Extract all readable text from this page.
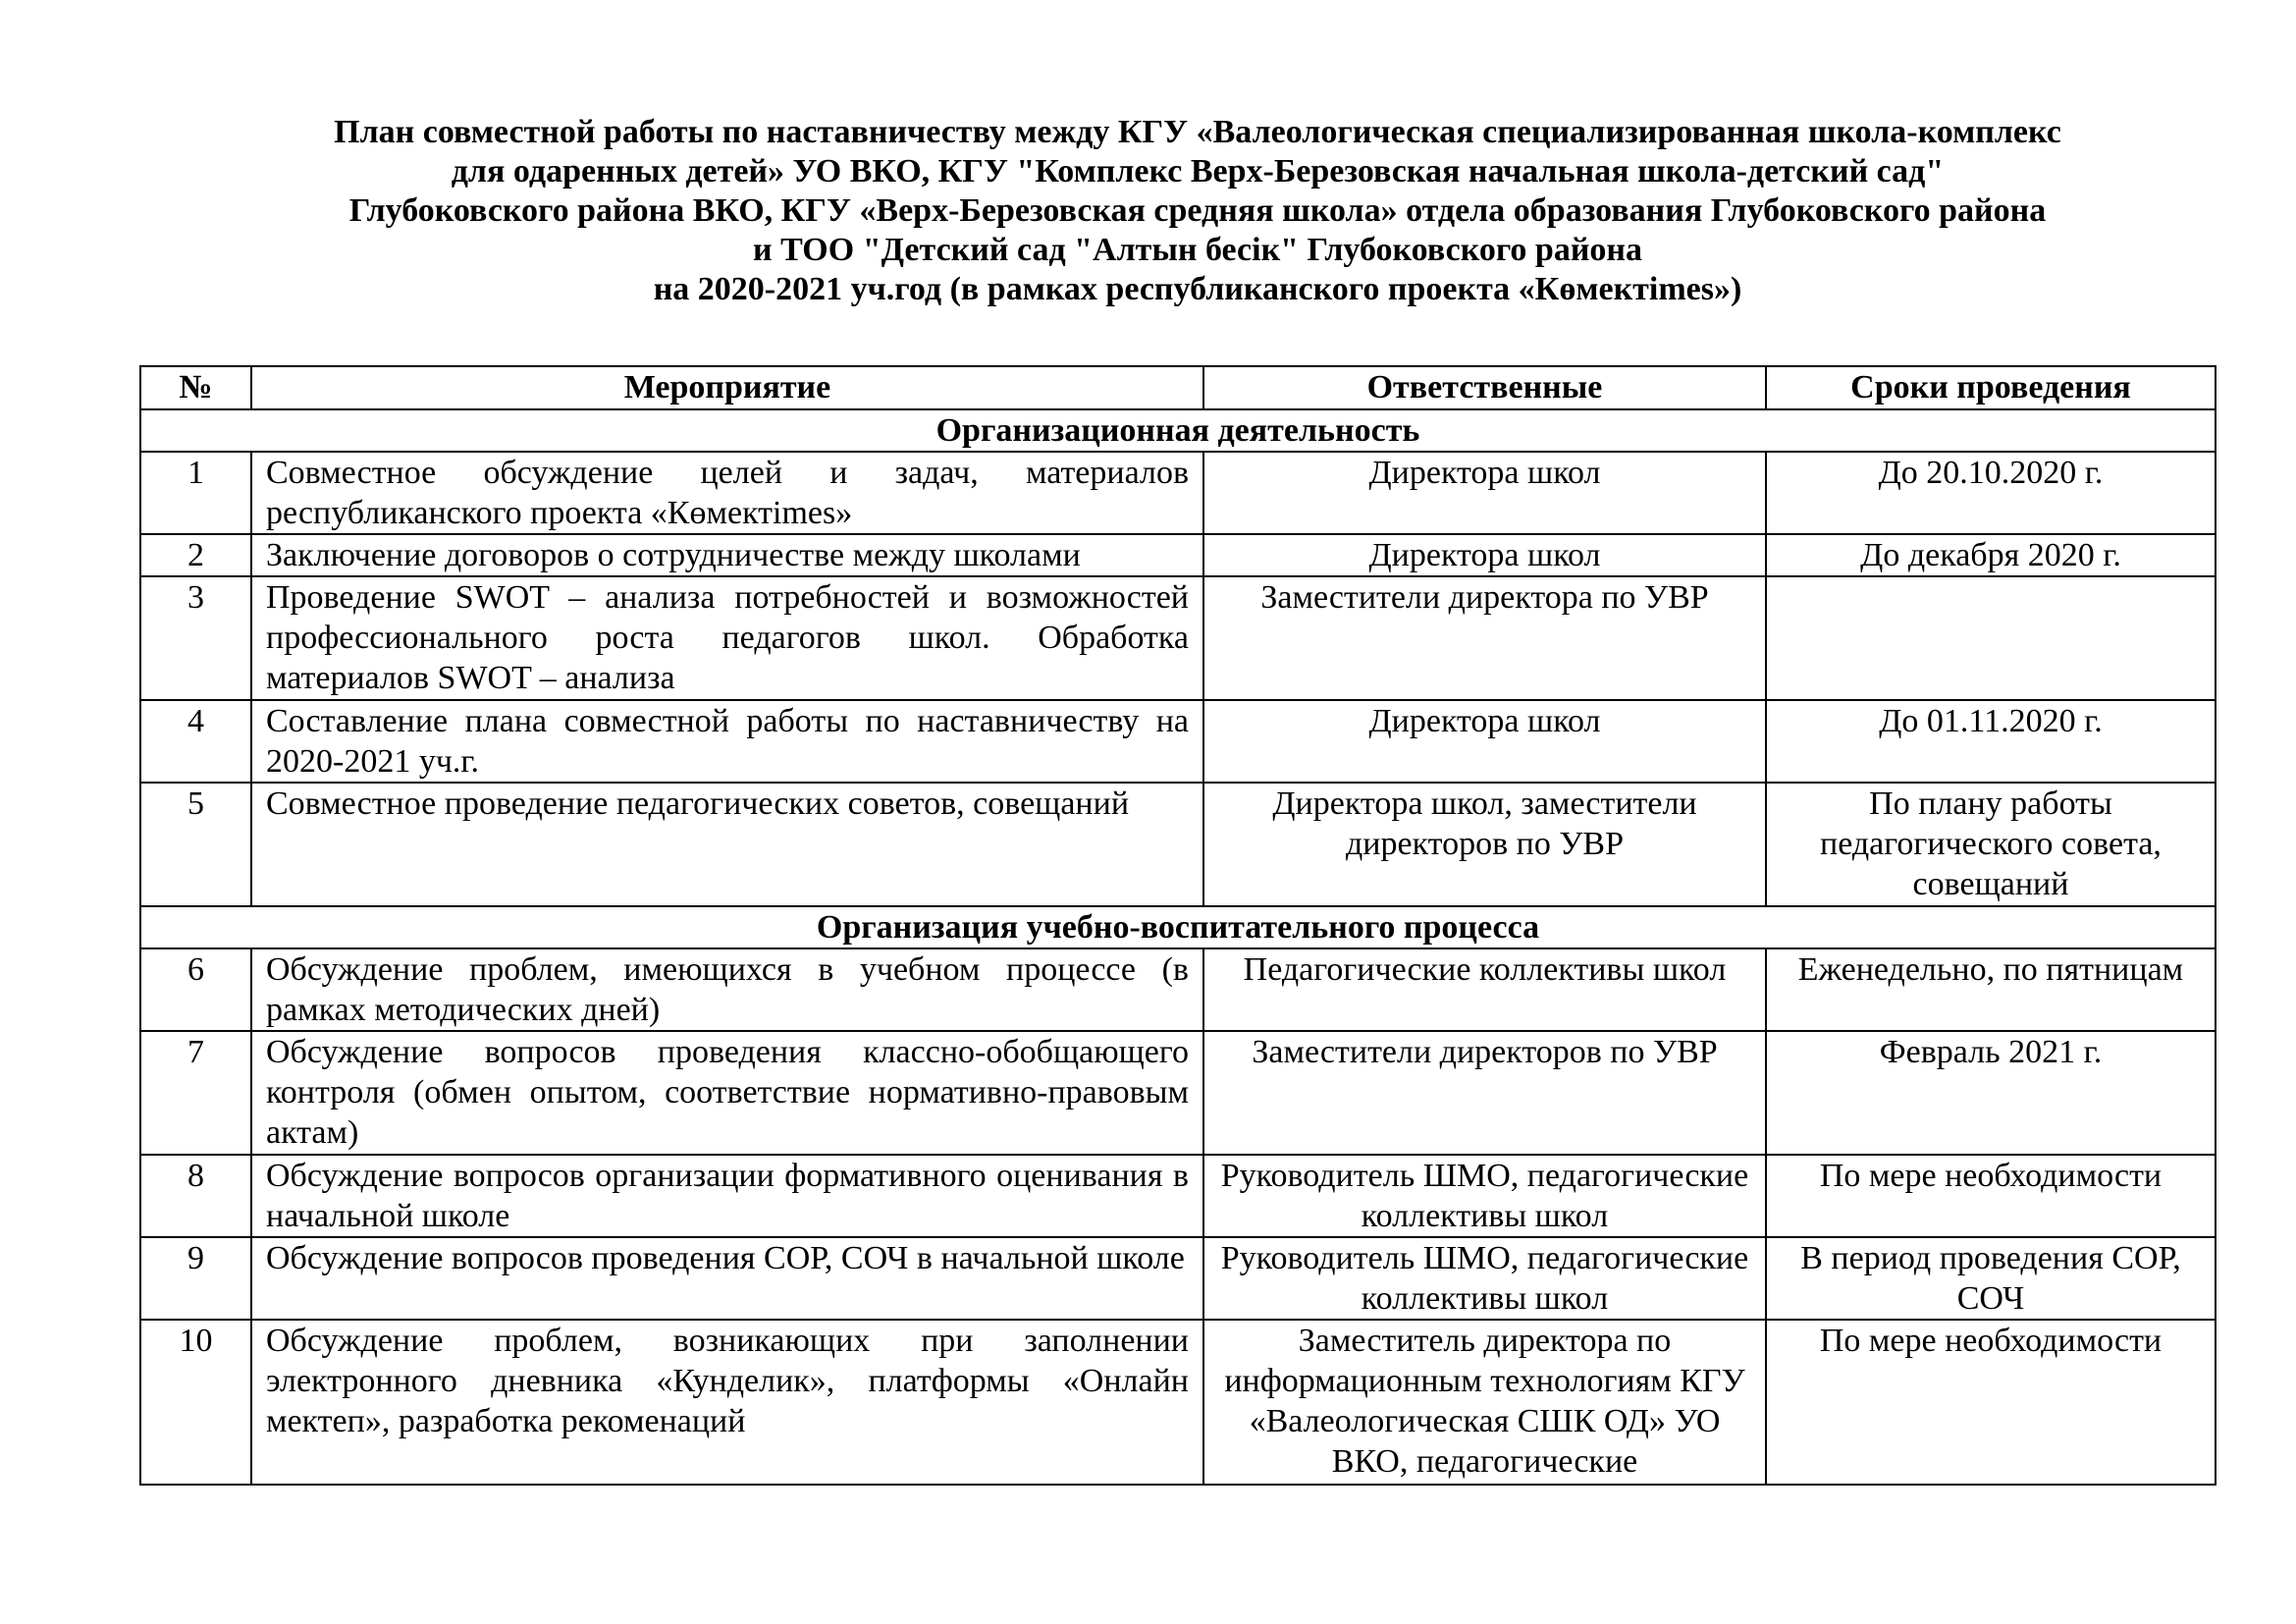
План совместной работы по наставничеству между КГУ «Валеологическая специализированная школа-комплекс
для одаренных детей» УО ВКО, КГУ "Комплекс Верх-Березовская начальная школа-детский сад"
Глубоковского района ВКО, КГУ «Верх-Березовская средняя школа» отдела образования Глубоковского района
и ТОО "Детский сад "Алтын бесік" Глубоковского района
на 2020-2021 уч.год (в рамках республиканского проекта «Көмектimes»)
№	Мероприятие	Ответственные	Сроки проведения
Организационная деятельность			
1	Совместное обсуждение целей и задач, материалов республиканского проекта «Көмектimes»	Директора школ	До 20.10.2020 г.
2	Заключение договоров о сотрудничестве между школами	Директора школ	До декабря 2020 г.
3	Проведение SWOT – анализа потребностей и возможностей профессионального роста педагогов школ. Обработка материалов SWOT – анализа	Заместители директора по УВР	
4	Составление плана совместной работы по наставничеству на 2020-2021 уч.г.	Директора школ	До 01.11.2020 г.
5	Совместное проведение педагогических советов, совещаний	Директора школ, заместители директоров по УВР	По плану работы педагогического совета, совещаний
Организация учебно-воспитательного процесса			
6	Обсуждение проблем, имеющихся в учебном процессе (в рамках методических дней)	Педагогические коллективы школ	Еженедельно, по пятницам
7	Обсуждение вопросов проведения классно-обобщающего контроля (обмен опытом, соответствие нормативно-правовым актам)	Заместители директоров по УВР	Февраль 2021 г.
8	Обсуждение вопросов организации формативного оценивания в начальной школе	Руководитель ШМО, педагогические коллективы школ	По мере необходимости
9	Обсуждение вопросов проведения СОР, СОЧ в начальной школе	Руководитель ШМО, педагогические коллективы школ	В период проведения СОР, СОЧ
10	Обсуждение проблем, возникающих при заполнении электронного дневника «Кунделик», платформы «Онлайн мектеп», разработка рекоменаций	Заместитель директора по информационным технологиям КГУ «Валеологическая СШК ОД» УО ВКО, педагогические	По мере необходимости
